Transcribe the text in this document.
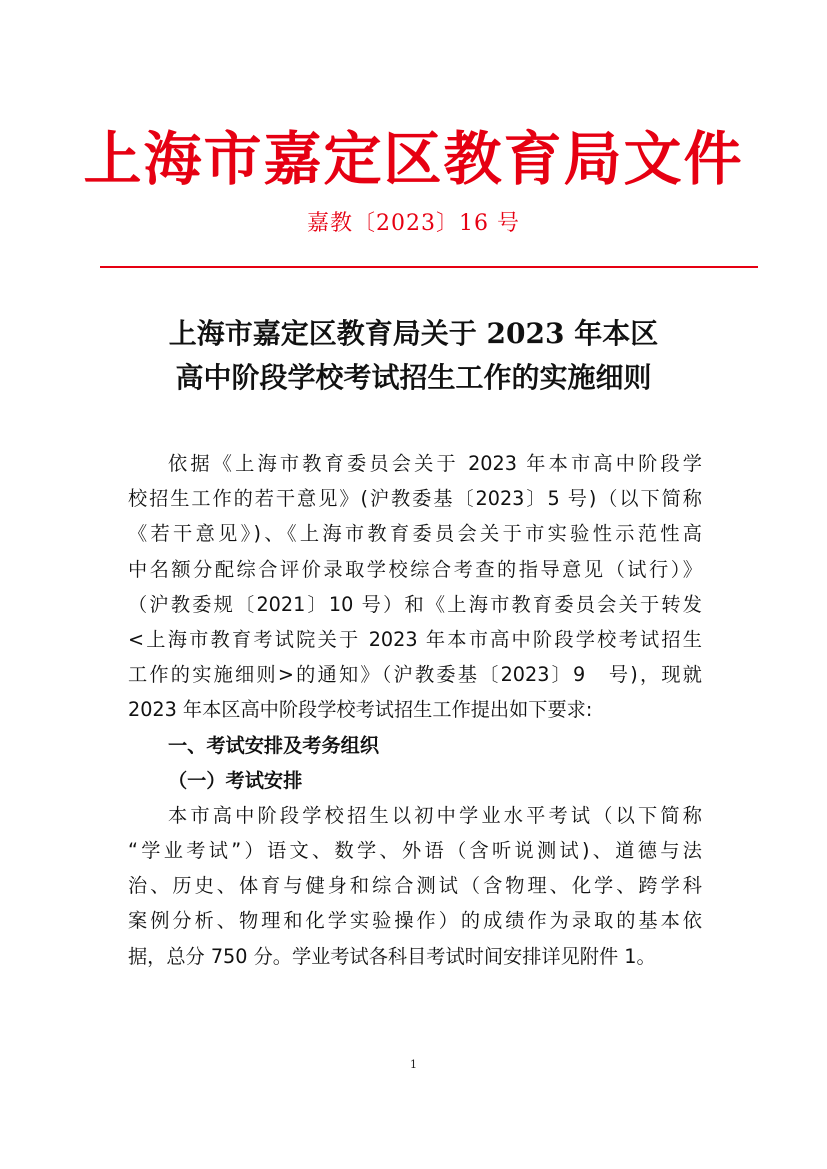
上海市嘉定区教育局文件
嘉教〔2023〕16 号
上海市嘉定区教育局关于 2023 年本区
高中阶段学校考试招生工作的实施细则
依据《上海市教育委员会关于 2023 年本市高中阶段学
校招生工作的若干意见》(沪教委基〔2023〕5 号)（以下简称
《若干意见》)、《上海市教育委员会关于市实验性示范性高
中名额分配综合评价录取学校综合考查的指导意见（试行）》
（沪教委规〔2021〕10 号）和《上海市教育委员会关于转发
<上海市教育考试院关于 2023 年本市高中阶段学校考试招生
工作的实施细则>的通知》（沪教委基〔2023〕9　号)，现就
2023 年本区高中阶段学校考试招生工作提出如下要求:
一、考试安排及考务组织
（一）考试安排
本市高中阶段学校招生以初中学业水平考试（以下简称
“学业考试”）语文、数学、外语（含听说测试)、道德与法
治、历史、体育与健身和综合测试（含物理、化学、跨学科
案例分析、物理和化学实验操作）的成绩作为录取的基本依
据，总分 750 分。学业考试各科目考试时间安排详见附件 1。
1
